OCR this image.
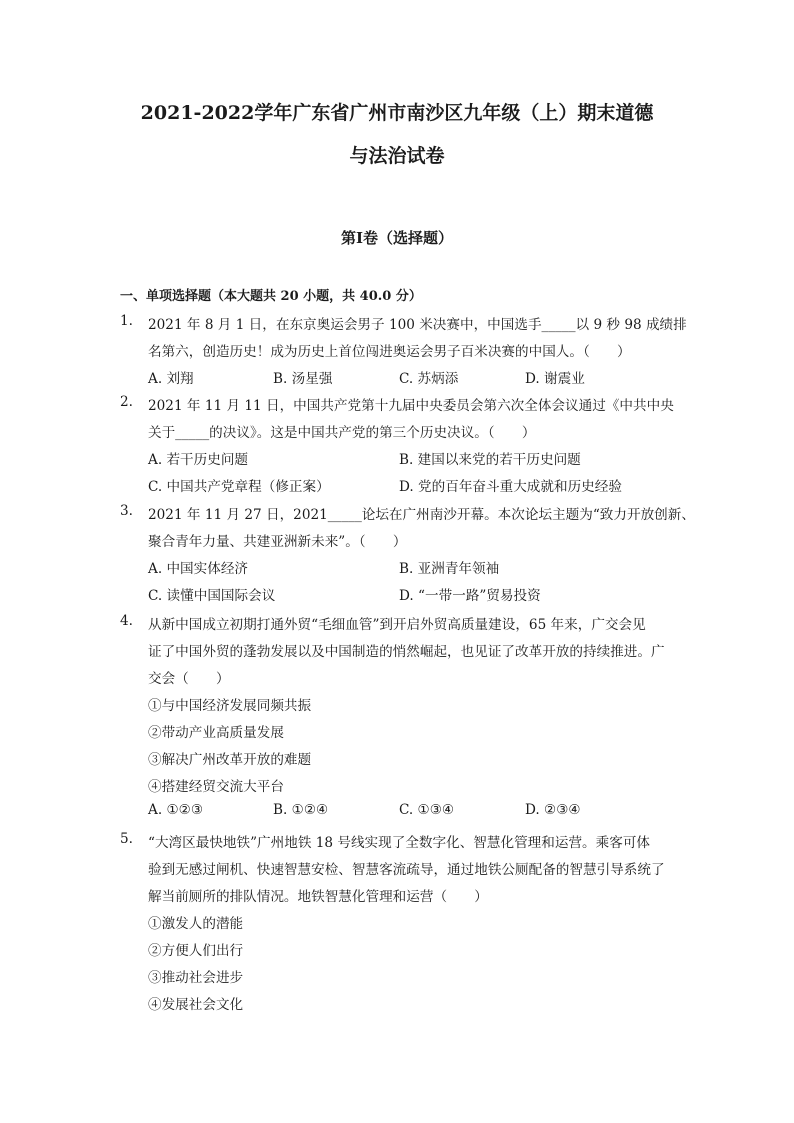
2021-2022学年广东省广州市南沙区九年级（上）期末道德
与法治试卷
第Ⅰ卷（选择题）
一、单项选择题（本大题共 20 小题，共 40.0 分）
1. 2021 年 8 月 1 日，在东京奥运会男子 100 米决赛中，中国选手_____以 9 秒 98 成绩排
名第六，创造历史！成为历史上首位闯进奥运会男子百米决赛的中国人。（　　）
A. 刘翔	B. 汤星强	C. 苏炳添	D. 谢震业
2. 2021 年 11 月 11 日，中国共产党第十九届中央委员会第六次全体会议通过《中共中央
关于_____的决议》。这是中国共产党的第三个历史决议。（　　）
A. 若干历史问题	B. 建国以来党的若干历史问题
C. 中国共产党章程（修正案）	D. 党的百年奋斗重大成就和历史经验
3. 2021 年 11 月 27 日，2021_____论坛在广州南沙开幕。本次论坛主题为“致力开放创新、
聚合青年力量、共建亚洲新未来”。（　　）
A. 中国实体经济	B. 亚洲青年领袖
C. 读懂中国国际会议	D. “一带一路”贸易投资
4. 从新中国成立初期打通外贸“毛细血管”到开启外贸高质量建设，65 年来，广交会见
证了中国外贸的蓬勃发展以及中国制造的悄然崛起，也见证了改革开放的持续推进。广
交会（　　）
①与中国经济发展同频共振
②带动产业高质量发展
③解决广州改革开放的难题
④搭建经贸交流大平台
A. ①②③	B. ①②④	C. ①③④	D. ②③④
5. “大湾区最快地铁”广州地铁 18 号线实现了全数字化、智慧化管理和运营。乘客可体
验到无感过闸机、快速智慧安检、智慧客流疏导，通过地铁公厕配备的智慧引导系统了
解当前厕所的排队情况。地铁智慧化管理和运营（　　）
①激发人的潜能
②方便人们出行
③推动社会进步
④发展社会文化
